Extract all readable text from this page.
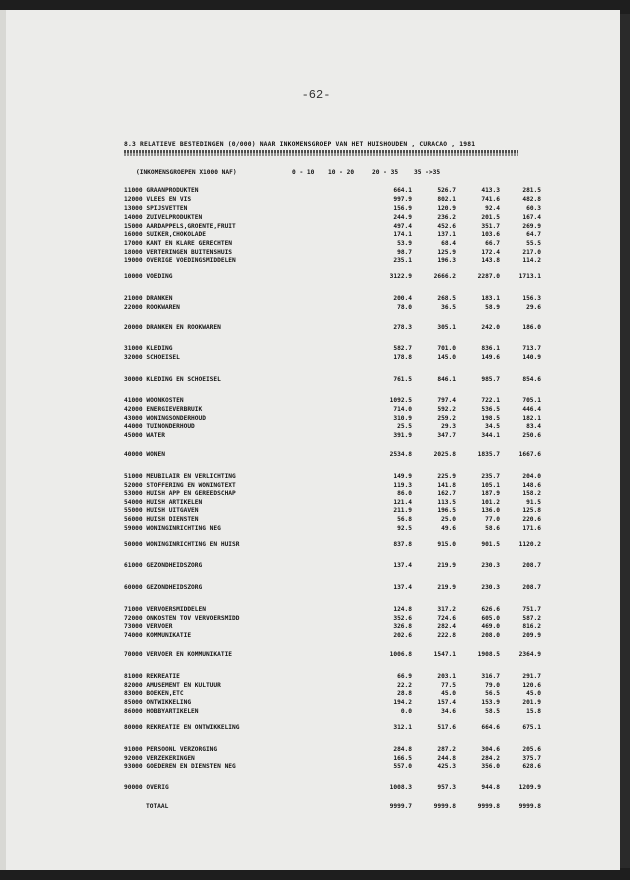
-62-
8.3 RELATIEVE BESTEDINGEN (0/000) NAAR INKOMENSGROEP VAN HET HUISHOUDEN , CURACAO , 1981
(INKOMENSGROEPEN X1000 NAF)	0 - 10	10 - 20	20 - 35	35 ->35
11000 GRAANPRODUKTEN	664.1	526.7	413.3	281.5
12000 VLEES EN VIS	997.9	802.1	741.6	482.8
13000 SPIJSVETTEN	156.9	120.9	92.4	60.3
14000 ZUIVELPRODUKTEN	244.9	236.2	201.5	167.4
15000 AARDAPPELS,GROENTE,FRUIT	497.4	452.6	351.7	269.9
16000 SUIKER,CHOKOLADE	174.1	137.1	103.6	64.7
17000 KANT EN KLARE GERECHTEN	53.9	68.4	66.7	55.5
18000 VERTERINGEN BUITENSHUIS	98.7	125.9	172.4	217.0
19000 OVERIGE VOEDINGSMIDDELEN	235.1	196.3	143.8	114.2
10000 VOEDING	3122.9	2666.2	2287.0	1713.1
21000 DRANKEN	200.4	268.5	183.1	156.3
22000 ROOKWAREN	78.0	36.5	58.9	29.6
20000 DRANKEN EN ROOKWAREN	278.3	305.1	242.0	186.0
31000 KLEDING	582.7	701.0	836.1	713.7
32000 SCHOEISEL	178.8	145.0	149.6	140.9
30000 KLEDING EN SCHOEISEL	761.5	846.1	985.7	854.6
41000 WOONKOSTEN	1092.5	797.4	722.1	705.1
42000 ENERGIEVERBRUIK	714.0	592.2	536.5	446.4
43000 WONINGSONDERHOUD	310.9	259.2	198.5	182.1
44000 TUINONDERHOUD	25.5	29.3	34.5	83.4
45000 WATER	391.9	347.7	344.1	250.6
40000 WONEN	2534.8	2025.8	1835.7	1667.6
51000 MEUBILAIR EN VERLICHTING	149.9	225.9	235.7	204.0
52000 STOFFERING EN WONINGTEXT	119.3	141.8	105.1	148.6
53000 HUISH APP EN GEREEDSCHAP	86.0	162.7	187.9	158.2
54000 HUISH ARTIKELEN	121.4	113.5	101.2	91.5
55000 HUISH UITGAVEN	211.9	196.5	136.0	125.8
56000 HUISH DIENSTEN	56.8	25.0	77.0	220.6
59000 WONINGINRICHTING NEG	92.5	49.6	58.6	171.6
50000 WONINGINRICHTING EN HUISR	837.8	915.0	901.5	1120.2
61000 GEZONDHEIDSZORG	137.4	219.9	230.3	208.7
60000 GEZONDHEIDSZORG	137.4	219.9	230.3	208.7
71000 VERVOERSMIDDELEN	124.8	317.2	626.6	751.7
72000 ONKOSTEN TOV VERVOERSMIDD	352.6	724.6	605.0	587.2
73000 VERVOER	326.8	282.4	469.0	816.2
74000 KOMMUNIKATIE	202.6	222.8	208.0	209.9
70000 VERVOER EN KOMMUNIKATIE	1006.8	1547.1	1908.5	2364.9
81000 REKREATIE	66.9	203.1	316.7	291.7
82000 AMUSEMENT EN KULTUUR	22.2	77.5	79.0	120.6
83000 BOEKEN,ETC	28.8	45.0	56.5	45.0
85000 ONTWIKKELING	194.2	157.4	153.9	201.9
86000 HOBBYARTIKELEN	0.0	34.6	58.5	15.8
80000 REKREATIE EN ONTWIKKELING	312.1	517.6	664.6	675.1
91000 PERSOONL VERZORGING	284.8	287.2	304.6	205.6
92000 VERZEKERINGEN	166.5	244.8	284.2	375.7
93000 GOEDEREN EN DIENSTEN NEG	557.0	425.3	356.0	628.6
90000 OVERIG	1008.3	957.3	944.8	1209.9
TOTAAL	9999.7	9999.8	9999.8	9999.8
